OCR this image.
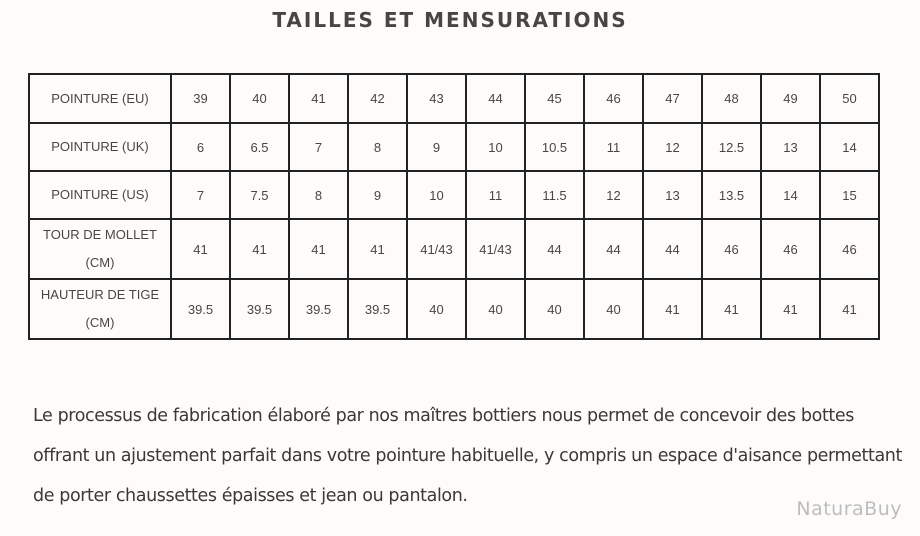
TAILLES ET MENSURATIONS
POINTURE (EU)	39	40	41	42	43	44	45	46	47	48	49	50
POINTURE (UK)	6	6.5	7	8	9	10	10.5	11	12	12.5	13	14
POINTURE (US)	7	7.5	8	9	10	11	11.5	12	13	13.5	14	15
TOUR DE MOLLET (CM)	41	41	41	41	41/43	41/43	44	44	44	46	46	46
HAUTEUR DE TIGE (CM)	39.5	39.5	39.5	39.5	40	40	40	40	41	41	41	41
Le processus de fabrication élaboré par nos maîtres bottiers nous permet de concevoir des bottes offrant un ajustement parfait dans votre pointure habituelle, y compris un espace d'aisance permettant de porter chaussettes épaisses et jean ou pantalon.
NaturaBuy
